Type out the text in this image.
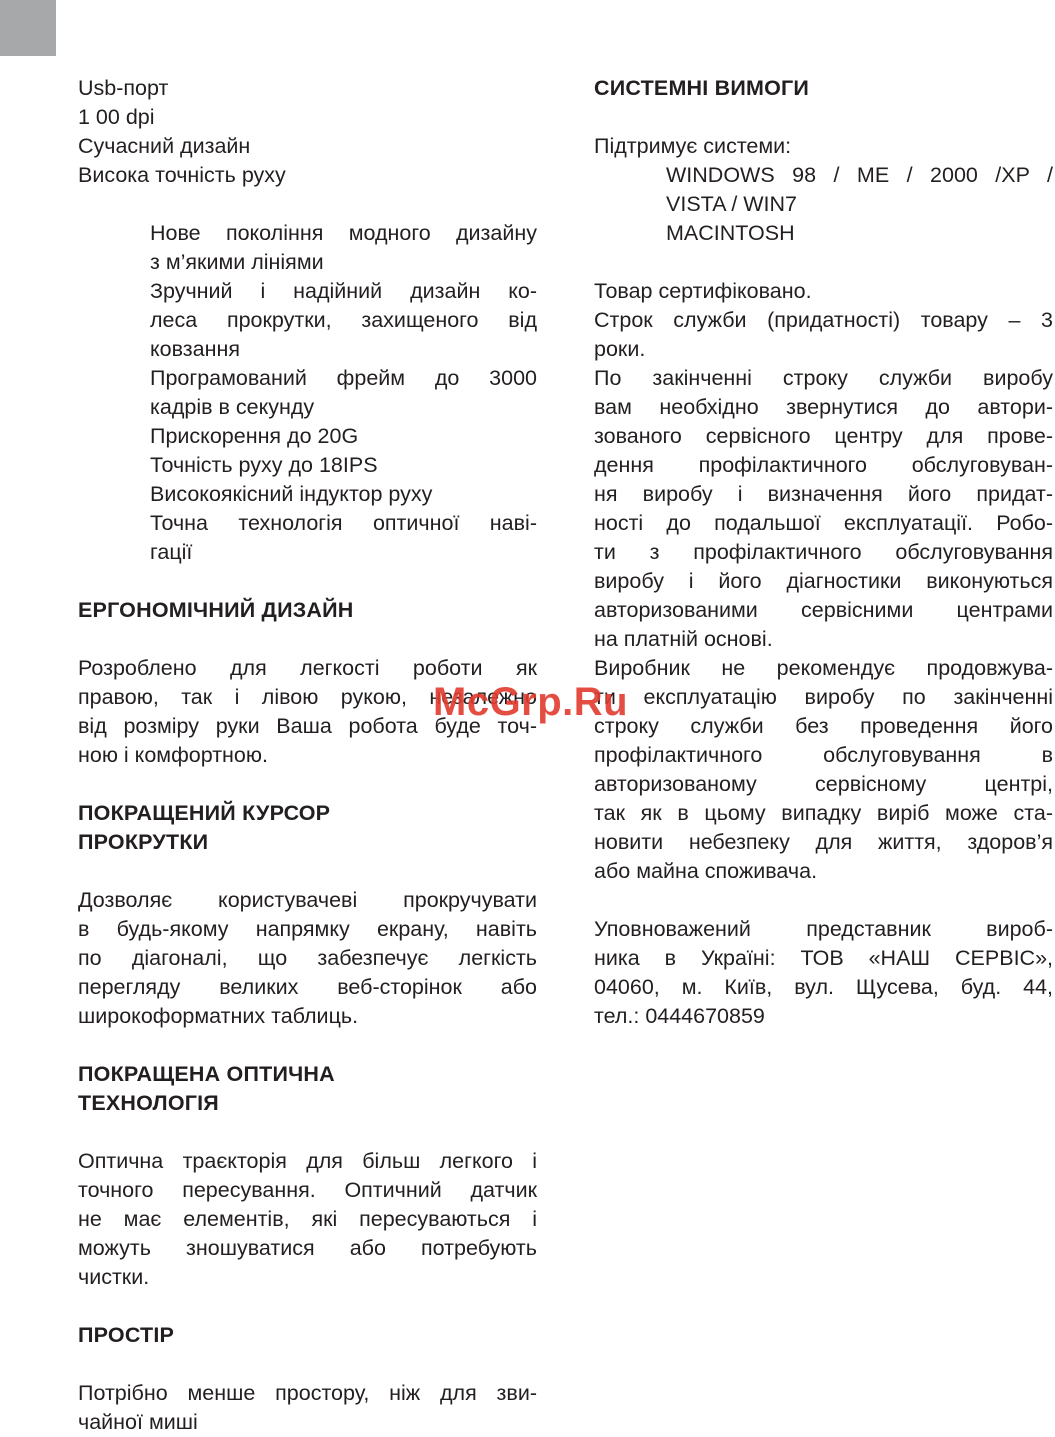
Usb-порт

1 00 dpi

Сучасний дизайн

Висока точність руху

Нове покоління модного дизайну

з м’якими лініями

Зручний і надійний дизайн ко-

леса прокрутки, захищеного від

ковзання

Програмований фрейм до 3000

кадрів в секунду

Прискорення до 20G

Точність руху до 18IPS

Високоякісний індуктор руху

Точна технологія оптичної наві-

гації

ЕРГОНОМІЧНИЙ ДИЗАЙН

Розроблено для легкості роботи як

правою, так і лівою рукою, незалежно

від розміру руки Ваша робота буде точ-

ною і комфортною.

ПОКРАЩЕНИЙ КУРСОР

ПРОКРУТКИ

Дозволяє користувачеві прокручувати

в будь-якому напрямку екрану, навіть

по діагоналі, що забезпечує легкість

перегляду великих веб-сторінок або

широкоформатних таблиць.

ПОКРАЩЕНА ОПТИЧНА

ТЕХНОЛОГІЯ

Оптична траєкторія для більш легкого і

точного пересування. Оптичний датчик

не має елементів, які пересуваються і

можуть зношуватися або потребують

чистки.

ПРОСТІР

Потрібно менше простору, ніж для зви-

чайної миші

СИСТЕМНІ ВИМОГИ

Підтримує системи:

WINDOWS 98 / ME / 2000 /XP /

VISTA / WIN7

MACINTOSH

Товар сертифіковано.

Строк служби (придатності) товару – 3

роки.

По закінченні строку служби виробу

вам необхідно звернутися до автори-

зованого сервісного центру для прове-

дення профілактичного обслуговуван-

ня виробу і визначення його придат-

ності до подальшої експлуатації. Робо-

ти з профілактичного обслуговування

виробу і його діагностики виконуються

авторизованими сервісними центрами

на платній основі.

Виробник не рекомендує продовжува-

ти експлуатацію виробу по закінченні

строку служби без проведення його

профілактичного обслуговування в

авторизованому сервісному центрі,

так як в цьому випадку виріб може ста-

новити небезпеку для життя, здоров’я

або майна споживача.

Уповноважений представник вироб-

ника в Україні: ТОВ «НАШ СЕРВІС»,

04060, м. Київ, вул. Щусева, буд. 44,

тел.: 0444670859

McGrp.Ru
